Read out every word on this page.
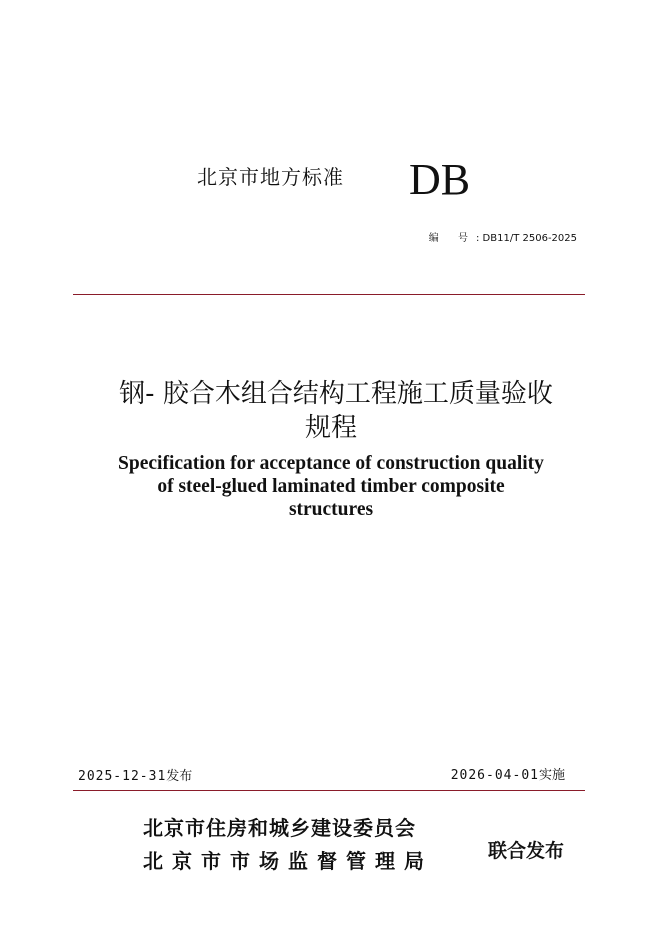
北京市地方标准 DB
编 号: DB11/T 2506-2025
钢- 胶合木组合结构工程施工质量验收
规程
Specification for acceptance of construction quality
of steel-glued laminated timber composite
structures
2025-12-31发布	2026-04-01实施
北京市住房和城乡建设委员会
北京市市场监督管理局	联合发布
